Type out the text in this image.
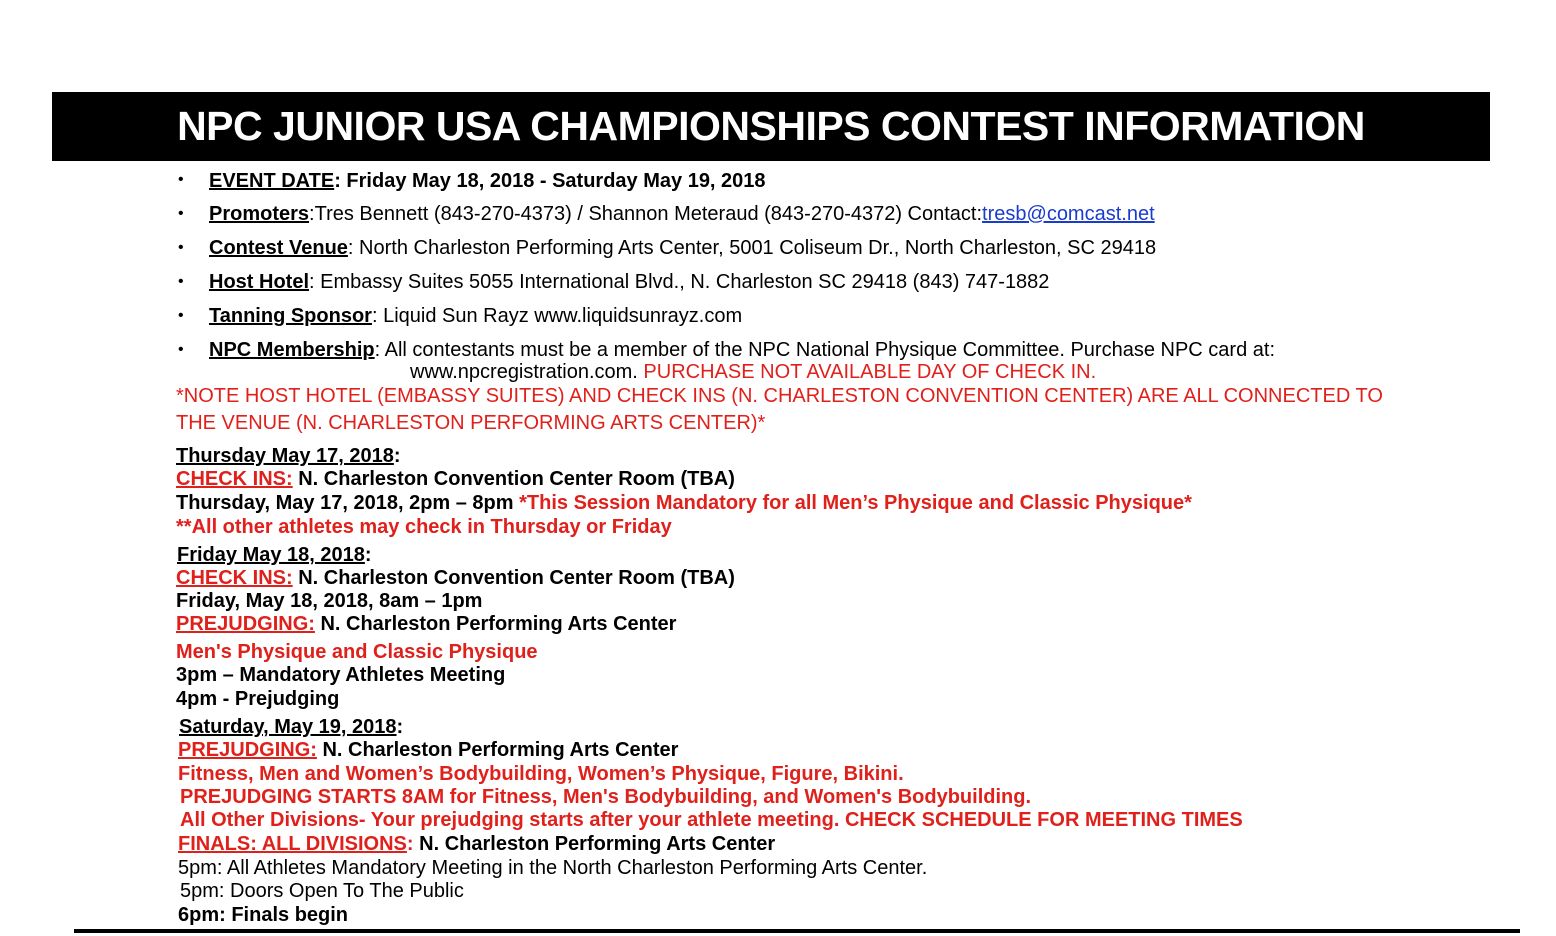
NPC JUNIOR USA CHAMPIONSHIPS CONTEST INFORMATION
• EVENT DATE: Friday May 18, 2018 - Saturday May 19, 2018
• Promoters:Tres Bennett (843-270-4373) / Shannon Meteraud (843-270-4372) Contact:tresb@comcast.net
• Contest Venue: North Charleston Performing Arts Center, 5001 Coliseum Dr., North Charleston, SC 29418
• Host Hotel: Embassy Suites 5055 International Blvd., N. Charleston SC 29418 (843) 747-1882
• Tanning Sponsor: Liquid Sun Rayz www.liquidsunrayz.com
• NPC Membership: All contestants must be a member of the NPC National Physique Committee. Purchase NPC card at:
www.npcregistration.com. PURCHASE NOT AVAILABLE DAY OF CHECK IN.
*NOTE HOST HOTEL (EMBASSY SUITES) AND CHECK INS (N. CHARLESTON CONVENTION CENTER) ARE ALL CONNECTED TO
THE VENUE (N. CHARLESTON PERFORMING ARTS CENTER)*
Thursday May 17, 2018:
CHECK INS: N. Charleston Convention Center Room (TBA)
Thursday, May 17, 2018, 2pm – 8pm *This Session Mandatory for all Men’s Physique and Classic Physique*
**All other athletes may check in Thursday or Friday
Friday May 18, 2018:
CHECK INS: N. Charleston Convention Center Room (TBA)
Friday, May 18, 2018, 8am – 1pm
PREJUDGING: N. Charleston Performing Arts Center
Men's Physique and Classic Physique
3pm – Mandatory Athletes Meeting
4pm - Prejudging
Saturday, May 19, 2018:
PREJUDGING: N. Charleston Performing Arts Center
Fitness, Men and Women’s Bodybuilding, Women’s Physique, Figure, Bikini.
PREJUDGING STARTS 8AM for Fitness, Men's Bodybuilding, and Women's Bodybuilding.
All Other Divisions- Your prejudging starts after your athlete meeting. CHECK SCHEDULE FOR MEETING TIMES
FINALS: ALL DIVISIONS: N. Charleston Performing Arts Center
5pm: All Athletes Mandatory Meeting in the North Charleston Performing Arts Center.
5pm: Doors Open To The Public
6pm: Finals begin
